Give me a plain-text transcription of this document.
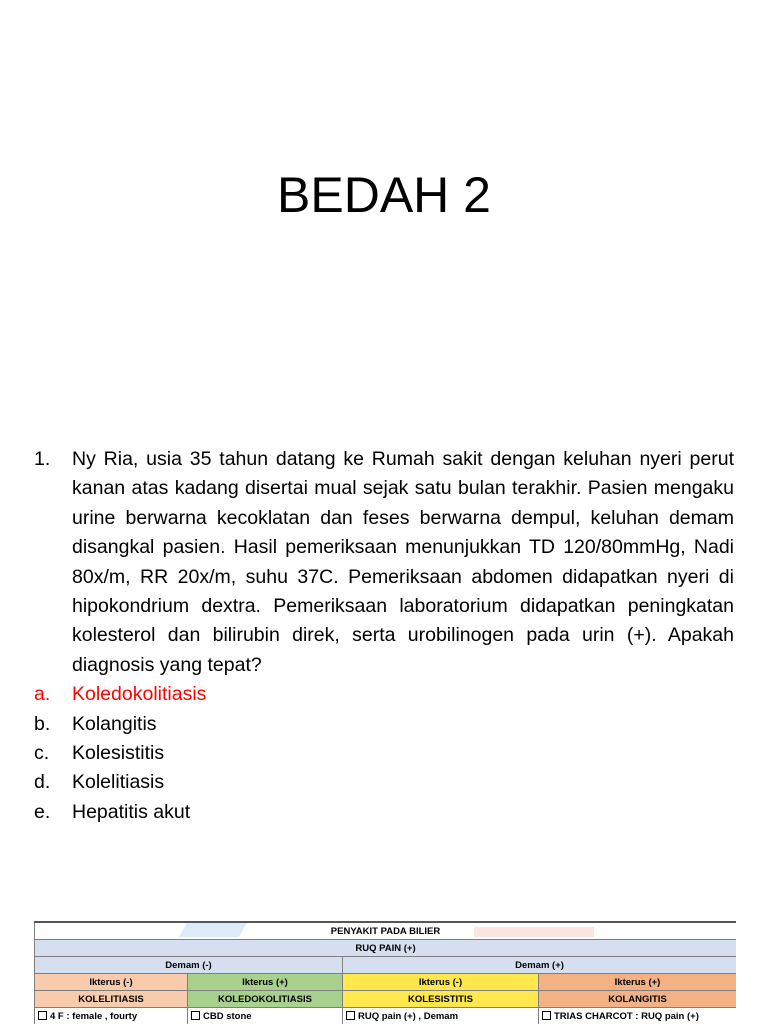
BEDAH 2
1.	Ny Ria, usia 35 tahun datang ke Rumah sakit dengan keluhan nyeri perut kanan atas kadang disertai mual sejak satu bulan terakhir. Pasien mengaku urine berwarna kecoklatan dan feses berwarna dempul, keluhan demam disangkal pasien. Hasil pemeriksaan menunjukkan TD 120/80mmHg, Nadi 80x/m, RR 20x/m, suhu 37C. Pemeriksaan abdomen didapatkan nyeri di hipokondrium dextra. Pemeriksaan laboratorium didapatkan peningkatan kolesterol dan bilirubin direk, serta urobilinogen pada urin (+). Apakah diagnosis yang tepat?
a.	Koledokolitiasis
b.	Kolangitis
c.	Kolesistitis
d.	Kolelitiasis
e.	Hepatitis akut
PENYAKIT PADA BILIER			
RUQ PAIN (+)			
Demam (-)		Demam (+)	
Ikterus (-)	Ikterus (+)	Ikterus (-)	Ikterus (+)
KOLELITIASIS	KOLEDOKOLITIASIS	KOLESISTITIS	KOLANGITIS
4 F : female , fourty	CBD stone	RUQ pain (+) , Demam	TRIAS CHARCOT : RUQ pain (+)
